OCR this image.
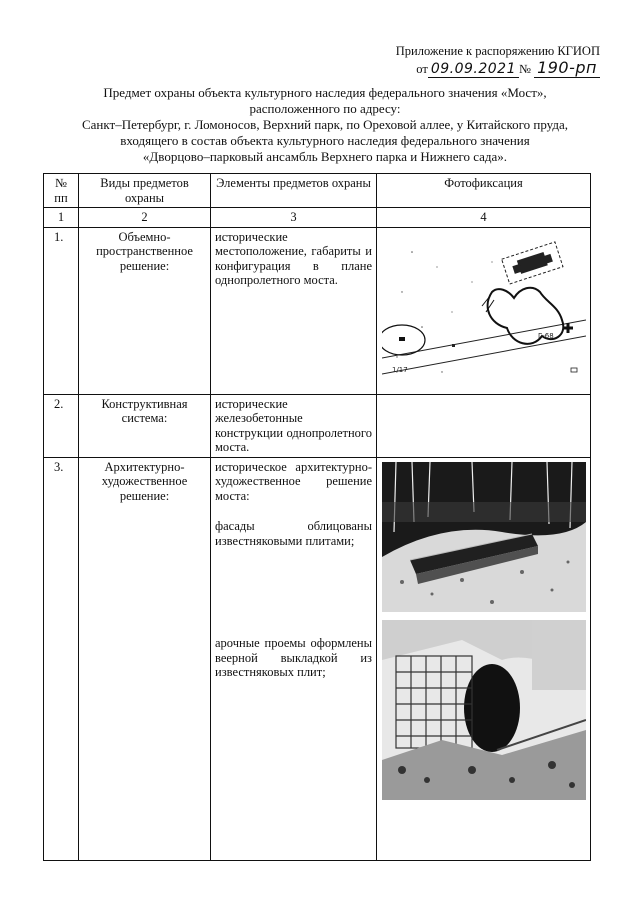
Приложение к распоряжению КГИОП
от 09.09.2021 № 190-рп
Предмет охраны объекта культурного наследия федерального значения «Мост»,
расположенного по адресу:
Санкт–Петербург, г. Ломоносов, Верхний парк, по Ореховой аллее, у Китайского пруда,
входящего в состав объекта культурного наследия федерального значения
«Дворцово–парковый ансамбль Верхнего парка и Нижнего сада».
№ пп	Виды предметов охраны	Элементы предметов охраны	Фотофиксация
1	2	3	4
1.	Объемно-пространственное решение:	исторические местоположение, габариты и конфигурация в плане однопролетного моста.	1/17
Г-68

2.	Конструктивная система:	исторические железобетонные конструкции однопролетного моста.	
3.	Архитектурно-художественное решение:	историческое архитектурно-художественное решение моста:
фасады облицованы известняковыми плитами;
арочные проемы оформлены веерной выкладкой из известняковых плит;
